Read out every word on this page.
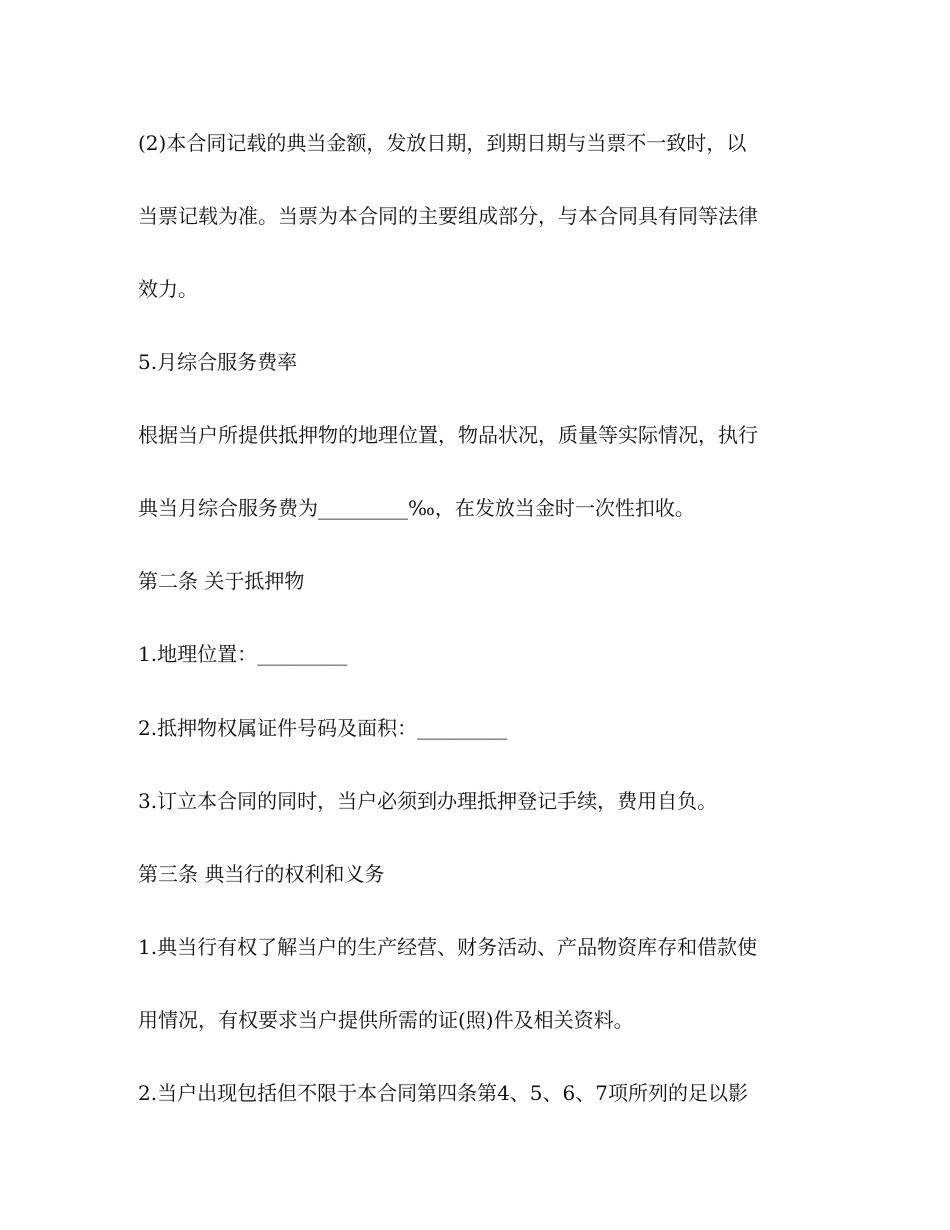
(2)本合同记载的典当金额，发放日期，到期日期与当票不一致时，以

当票记载为准。当票为本合同的主要组成部分，与本合同具有同等法律

效力。

5.月综合服务费率

根据当户所提供抵押物的地理位置，物品状况，质量等实际情况，执行

典当月综合服务费为_________‰，在发放当金时一次性扣收。

第二条 关于抵押物

1.地理位置：_________

2.抵押物权属证件号码及面积：_________

3.订立本合同的同时，当户必须到办理抵押登记手续，费用自负。

第三条 典当行的权利和义务

1.典当行有权了解当户的生产经营、财务活动、产品物资库存和借款使

用情况，有权要求当户提供所需的证(照)件及相关资料。

2.当户出现包括但不限于本合同第四条第4、5、6、7项所列的足以影
